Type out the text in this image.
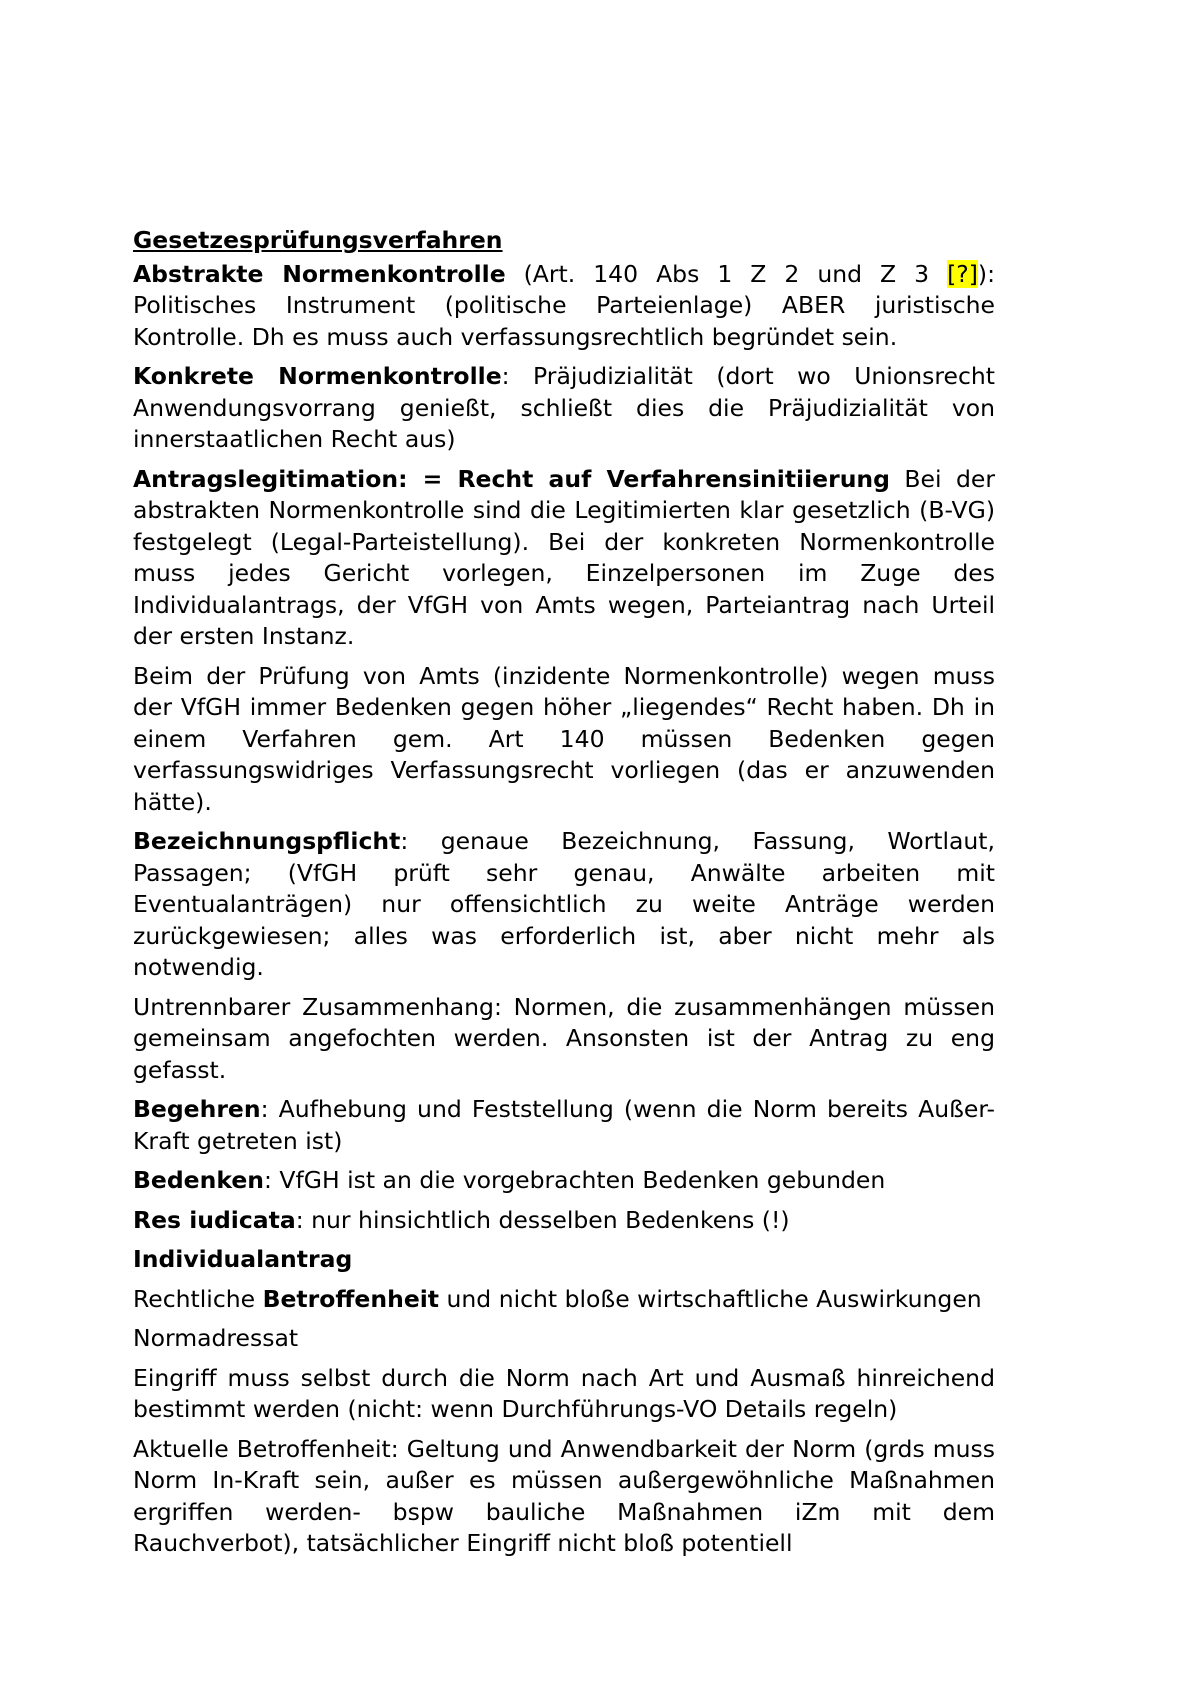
Gesetzesprüfungsverfahren

Abstrakte Normenkontrolle (Art. 140 Abs 1 Z 2 und Z 3 [?]): Politisches Instrument (politische Parteienlage) ABER juristische Kontrolle. Dh es muss auch verfassungsrechtlich begründet sein.

Konkrete Normenkontrolle: Präjudizialität (dort wo Unionsrecht Anwendungsvorrang genießt, schließt dies die Präjudizialität von innerstaatlichen Recht aus)

Antragslegitimation: = Recht auf Verfahrensinitiierung Bei der abstrakten Normenkontrolle sind die Legitimierten klar gesetzlich (B-VG) festgelegt (Legal-Parteistellung). Bei der konkreten Normenkontrolle muss jedes Gericht vorlegen, Einzelpersonen im Zuge des Individualantrags, der VfGH von Amts wegen, Parteiantrag nach Urteil der ersten Instanz.

Beim der Prüfung von Amts (inzidente Normenkontrolle) wegen muss der VfGH immer Bedenken gegen höher „liegendes“ Recht haben. Dh in einem Verfahren gem. Art 140 müssen Bedenken gegen verfassungswidriges Verfassungsrecht vorliegen (das er anzuwenden hätte).

Bezeichnungspflicht: genaue Bezeichnung, Fassung, Wortlaut, Passagen; (VfGH prüft sehr genau, Anwälte arbeiten mit Eventualanträgen) nur offensichtlich zu weite Anträge werden zurückgewiesen; alles was erforderlich ist, aber nicht mehr als notwendig.

Untrennbarer Zusammenhang: Normen, die zusammenhängen müssen gemeinsam angefochten werden. Ansonsten ist der Antrag zu eng gefasst.

Begehren: Aufhebung und Feststellung (wenn die Norm bereits Außer-Kraft getreten ist)

Bedenken: VfGH ist an die vorgebrachten Bedenken gebunden

Res iudicata: nur hinsichtlich desselben Bedenkens (!)

Individualantrag

Rechtliche Betroffenheit und nicht bloße wirtschaftliche Auswirkungen

Normadressat

Eingriff muss selbst durch die Norm nach Art und Ausmaß hinreichend bestimmt werden (nicht: wenn Durchführungs-VO Details regeln)

Aktuelle Betroffenheit: Geltung und Anwendbarkeit der Norm (grds muss Norm In-Kraft sein, außer es müssen außergewöhnliche Maßnahmen ergriffen werden- bspw bauliche Maßnahmen iZm mit dem Rauchverbot), tatsächlicher Eingriff nicht bloß potentiell
